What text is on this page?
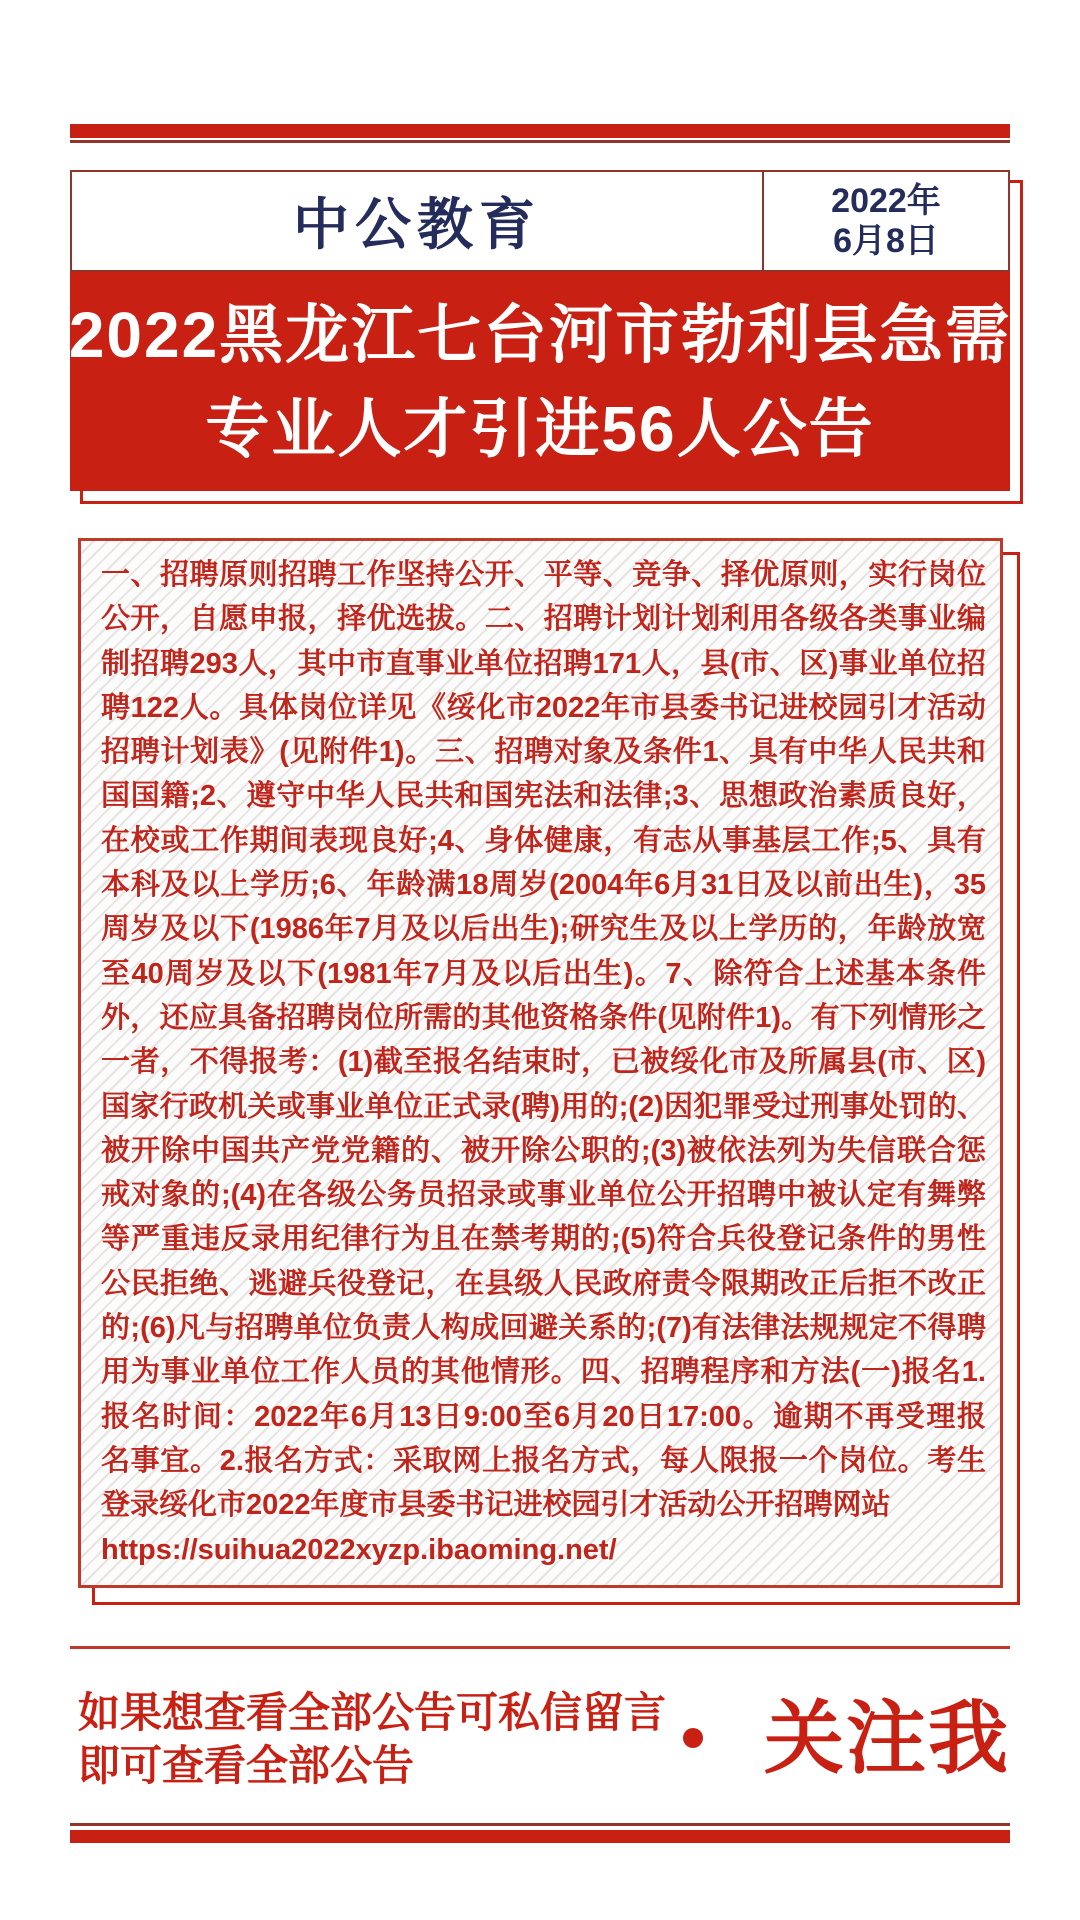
中公教育	2022年
6月8日
2022黑龙江七台河市勃利县急需
专业人才引进56人公告
一、招聘原则招聘工作坚持公开、平等、竞争、择优原则，实行岗位
公开，自愿申报，择优选拔。二、招聘计划计划利用各级各类事业编
制招聘293人，其中市直事业单位招聘171人，县(市、区)事业单位招
聘122人。具体岗位详见《绥化市2022年市县委书记进校园引才活动
招聘计划表》(见附件1)。三、招聘对象及条件1、具有中华人民共和
国国籍;2、遵守中华人民共和国宪法和法律;3、思想政治素质良好，
在校或工作期间表现良好;4、身体健康，有志从事基层工作;5、具有
本科及以上学历;6、年龄满18周岁(2004年6月31日及以前出生)，35
周岁及以下(1986年7月及以后出生);研究生及以上学历的，年龄放宽
至40周岁及以下(1981年7月及以后出生)。7、除符合上述基本条件
外，还应具备招聘岗位所需的其他资格条件(见附件1)。有下列情形之
一者，不得报考：(1)截至报名结束时，已被绥化市及所属县(市、区)
国家行政机关或事业单位正式录(聘)用的;(2)因犯罪受过刑事处罚的、
被开除中国共产党党籍的、被开除公职的;(3)被依法列为失信联合惩
戒对象的;(4)在各级公务员招录或事业单位公开招聘中被认定有舞弊
等严重违反录用纪律行为且在禁考期的;(5)符合兵役登记条件的男性
公民拒绝、逃避兵役登记，在县级人民政府责令限期改正后拒不改正
的;(6)凡与招聘单位负责人构成回避关系的;(7)有法律法规规定不得聘
用为事业单位工作人员的其他情形。四、招聘程序和方法(一)报名1.
报名时间：2022年6月13日9:00至6月20日17:00。逾期不再受理报
名事宜。2.报名方式：采取网上报名方式，每人限报一个岗位。考生
登录绥化市2022年度市县委书记进校园引才活动公开招聘网站
https://suihua2022xyzp.ibaoming.net/
如果想查看全部公告可私信留言
即可查看全部公告	关注我
